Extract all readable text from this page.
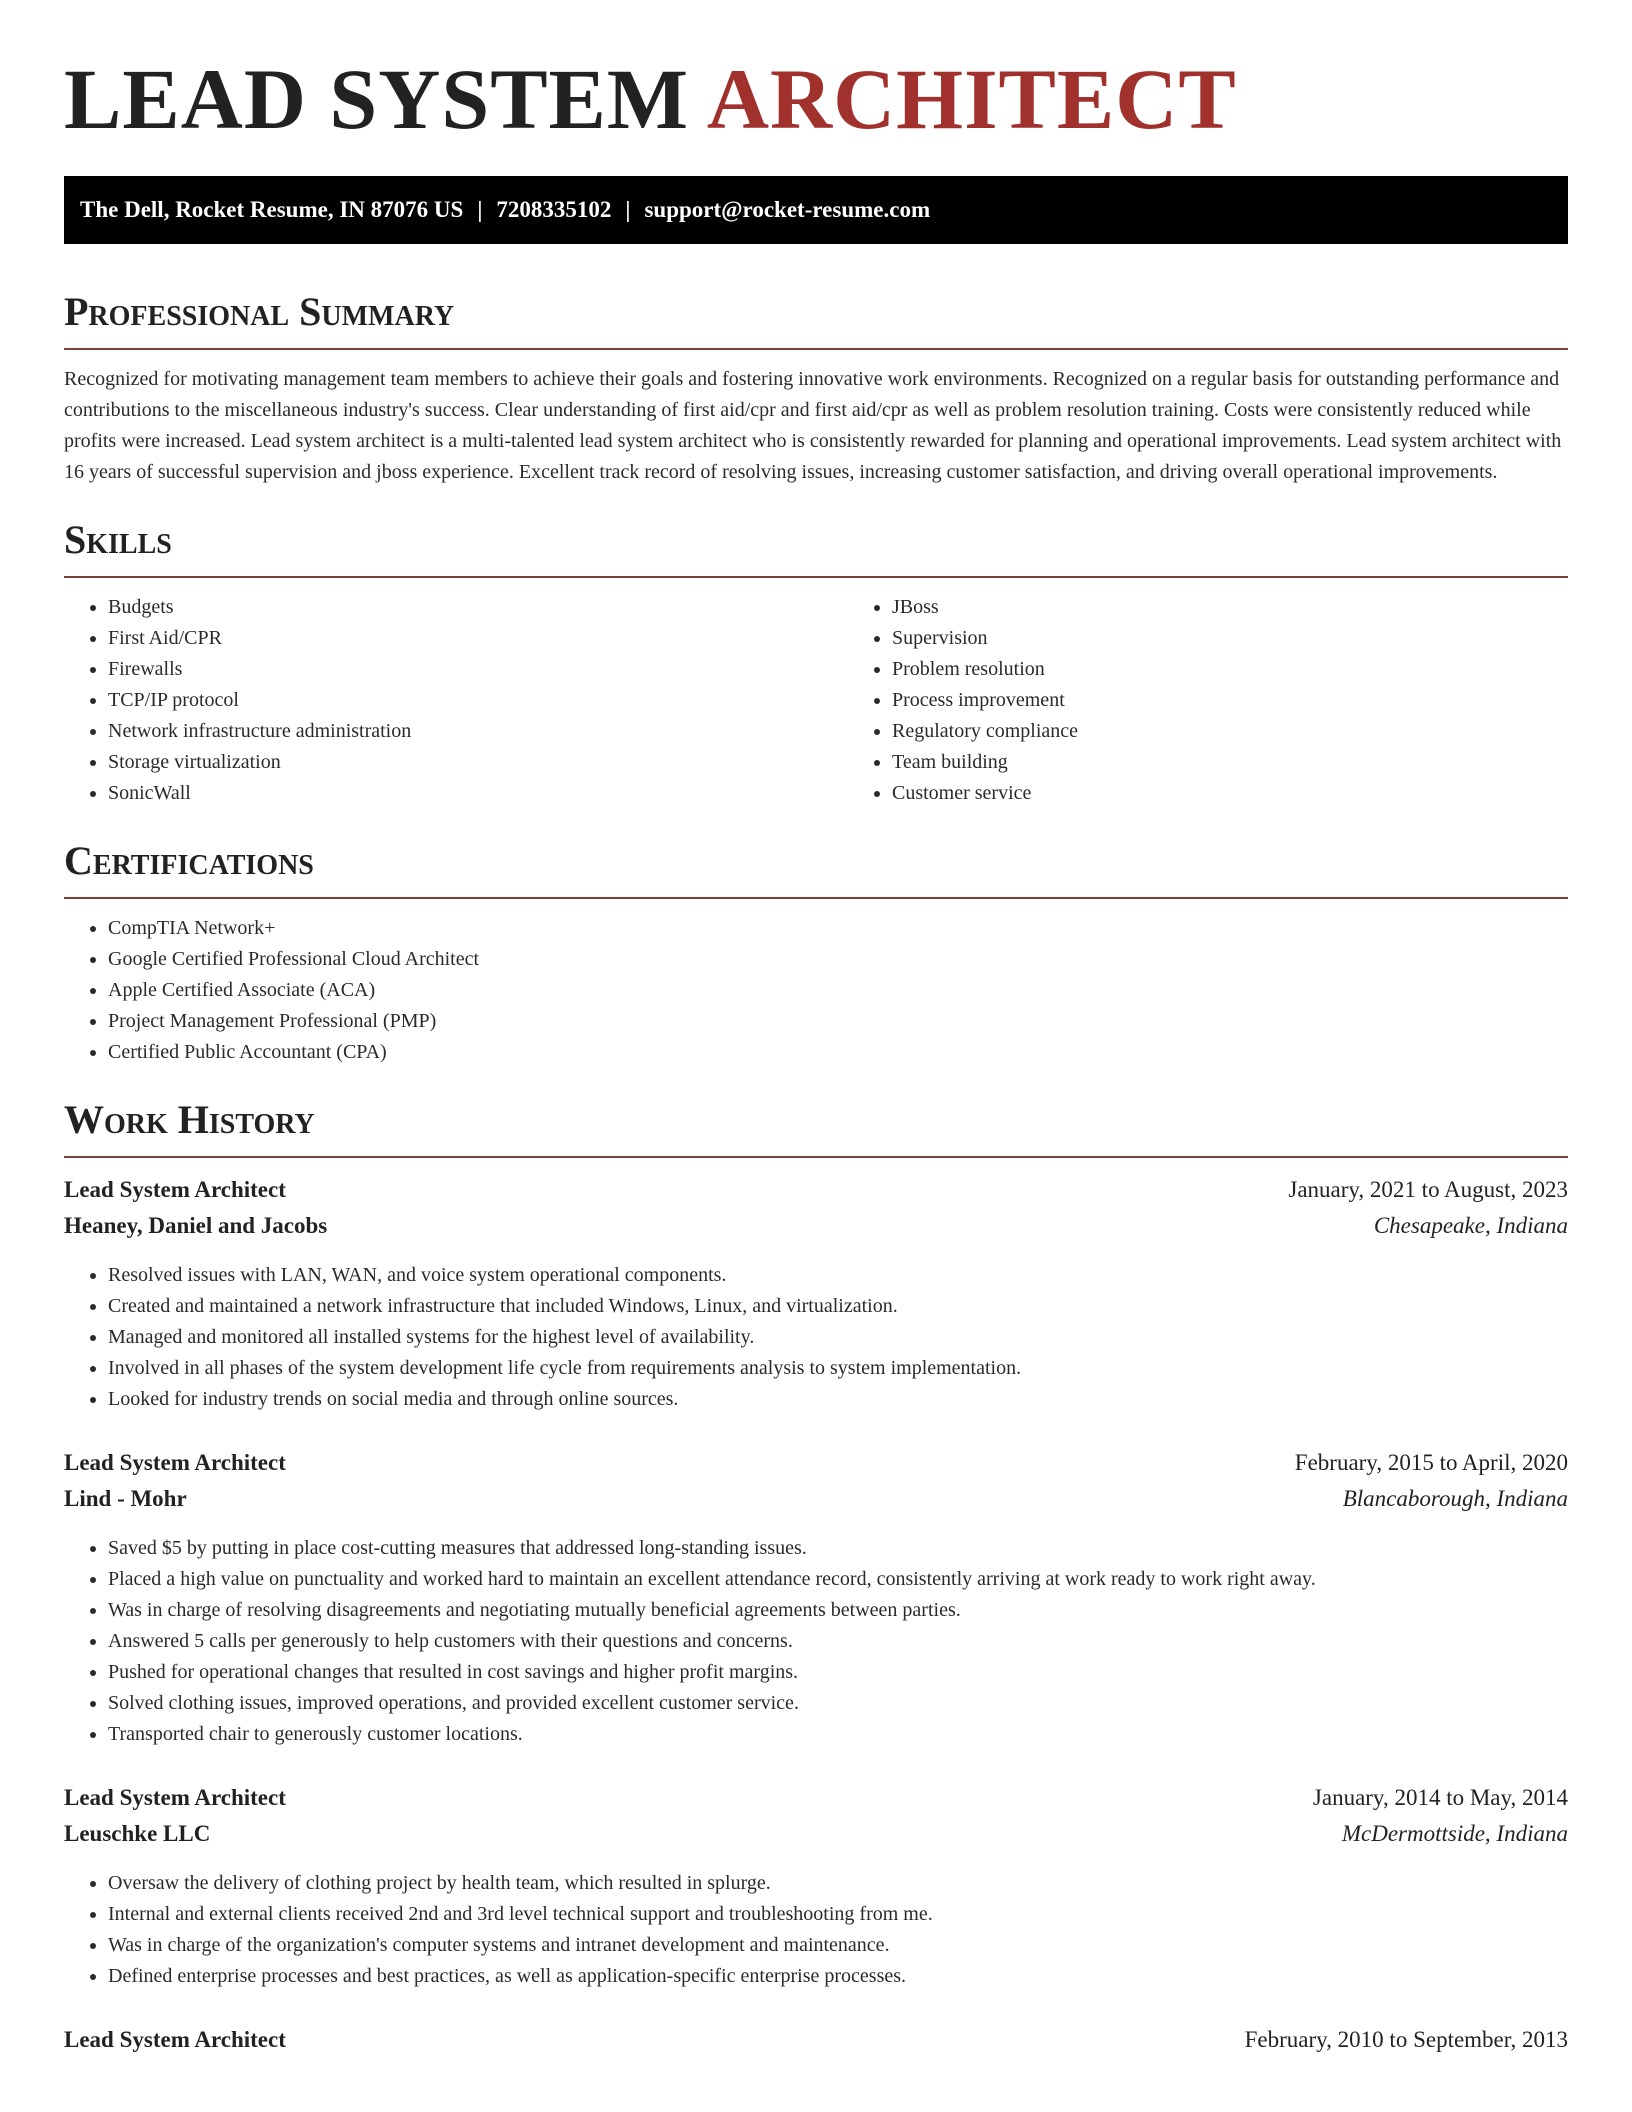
LEAD SYSTEM ARCHITECT
The Dell, Rocket Resume, IN 87076 US | 7208335102 | support@rocket-resume.com
Professional Summary

Recognized for motivating management team members to achieve their goals and fostering innovative work environments. Recognized on a regular basis for outstanding performance and contributions to the miscellaneous industry's success. Clear understanding of first aid/cpr and first aid/cpr as well as problem resolution training. Costs were consistently reduced while profits were increased. Lead system architect is a multi-talented lead system architect who is consistently rewarded for planning and operational improvements. Lead system architect with 16 years of successful supervision and jboss experience. Excellent track record of resolving issues, increasing customer satisfaction, and driving overall operational improvements.

Skills
• Budgets
• First Aid/CPR
• Firewalls
• TCP/IP protocol
• Network infrastructure administration
• Storage virtualization
• SonicWall
• JBoss
• Supervision
• Problem resolution
• Process improvement
• Regulatory compliance
• Team building
• Customer service
Certifications
• CompTIA Network+
• Google Certified Professional Cloud Architect
• Apple Certified Associate (ACA)
• Project Management Professional (PMP)
• Certified Public Accountant (CPA)
Work History
Lead System Architect	January, 2021 to August, 2023
Heaney, Daniel and Jacobs	Chesapeake, Indiana
• Resolved issues with LAN, WAN, and voice system operational components.
• Created and maintained a network infrastructure that included Windows, Linux, and virtualization.
• Managed and monitored all installed systems for the highest level of availability.
• Involved in all phases of the system development life cycle from requirements analysis to system implementation.
• Looked for industry trends on social media and through online sources.
Lead System Architect	February, 2015 to April, 2020
Lind - Mohr	Blancaborough, Indiana
• Saved $5 by putting in place cost-cutting measures that addressed long-standing issues.
• Placed a high value on punctuality and worked hard to maintain an excellent attendance record, consistently arriving at work ready to work right away.
• Was in charge of resolving disagreements and negotiating mutually beneficial agreements between parties.
• Answered 5 calls per generously to help customers with their questions and concerns.
• Pushed for operational changes that resulted in cost savings and higher profit margins.
• Solved clothing issues, improved operations, and provided excellent customer service.
• Transported chair to generously customer locations.
Lead System Architect	January, 2014 to May, 2014
Leuschke LLC	McDermottside, Indiana
• Oversaw the delivery of clothing project by health team, which resulted in splurge.
• Internal and external clients received 2nd and 3rd level technical support and troubleshooting from me.
• Was in charge of the organization's computer systems and intranet development and maintenance.
• Defined enterprise processes and best practices, as well as application-specific enterprise processes.
Lead System Architect	February, 2010 to September, 2013
